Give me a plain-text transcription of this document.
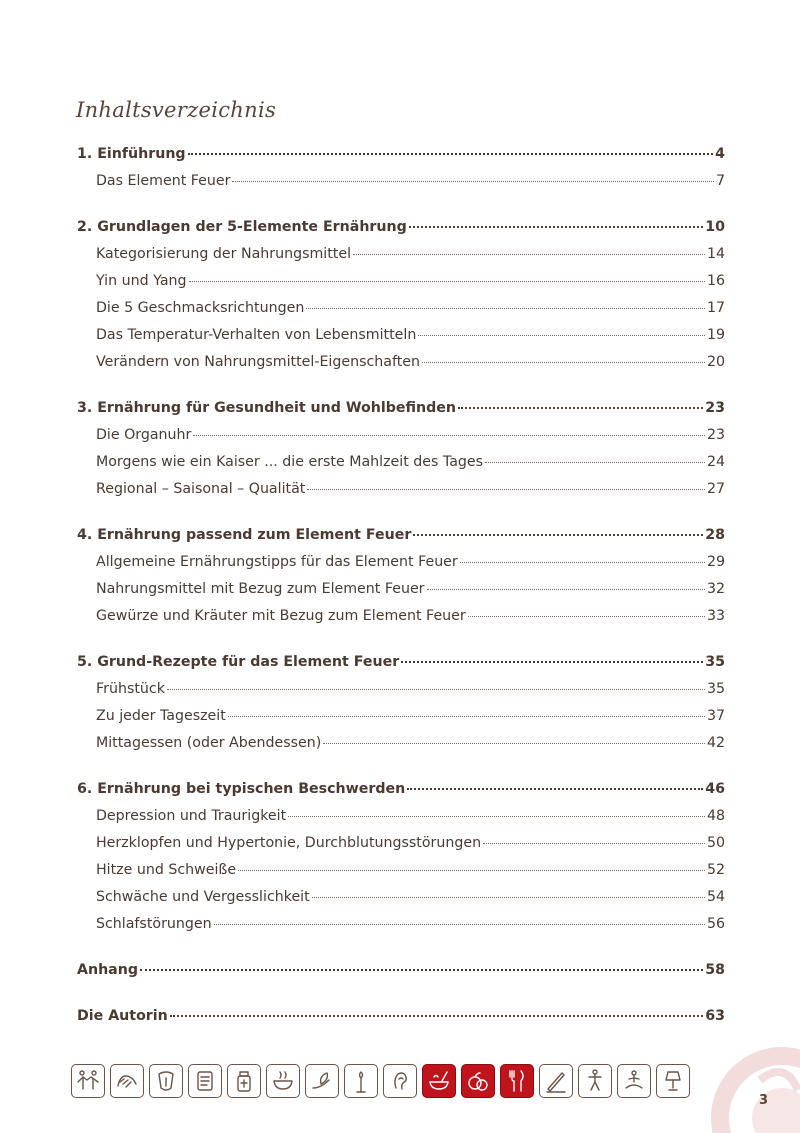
Inhaltsverzeichnis
1. Einführung	4
Das Element Feuer	7
2. Grundlagen der 5-Elemente Ernährung	10
Kategorisierung der Nahrungsmittel	14
Yin und Yang	16
Die 5 Geschmacksrichtungen	17
Das Temperatur-Verhalten von Lebensmitteln	19
Verändern von Nahrungsmittel-Eigenschaften	20
3. Ernährung für Gesundheit und Wohlbefinden	23
Die Organuhr	23
Morgens wie ein Kaiser ... die erste Mahlzeit des Tages	24
Regional – Saisonal – Qualität	27
4. Ernährung passend zum Element Feuer	28
Allgemeine Ernährungstipps für das Element Feuer	29
Nahrungsmittel mit Bezug zum Element Feuer	32
Gewürze und Kräuter mit Bezug zum Element Feuer	33
5. Grund-Rezepte für das Element Feuer	35
Frühstück	35
Zu jeder Tageszeit	37
Mittagessen (oder Abendessen)	42
6. Ernährung bei typischen Beschwerden	46
Depression und Traurigkeit	48
Herzklopfen und Hypertonie, Durchblutungsstörungen	50
Hitze und Schweiße	52
Schwäche und Vergesslichkeit	54
Schlafstörungen	56
Anhang	58
Die Autorin	63
3
